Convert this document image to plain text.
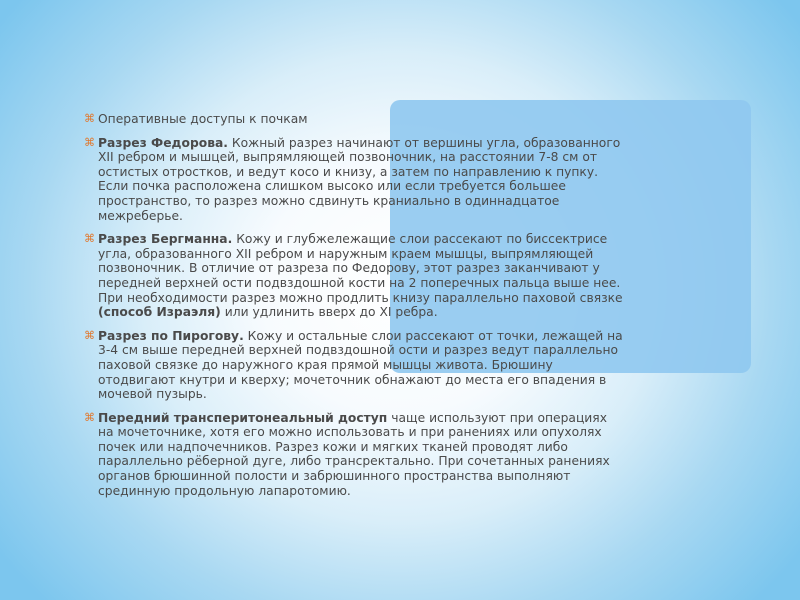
⌘ Оперативные доступы к почкам
⌘ Разрез Федорова. Кожный разрез начинают от вершины угла, образованного XII ребром и мышцей, выпрямляющей позвоночник, на расстоянии 7-8 см от остистых отростков, и ведут косо и книзу, а затем по направлению к пупку. Если почка расположена слишком высоко или если требуется большее пространство, то разрез можно сдвинуть краниально в одиннадцатое межреберье.
⌘ Разрез Бергманна. Кожу и глубжележащие слои рассекают по биссектрисе угла, образованного XII ребром и наружным краем мышцы, выпрямляющей позвоночник. В отличие от разреза по Федорову, этот разрез заканчивают у передней верхней ости подвздошной кости на 2 поперечных пальца выше нее. При необходимости разрез можно продлить книзу параллельно паховой связке (способ Израэля) или удлинить вверх до XI ребра.
⌘ Разрез по Пирогову. Кожу и остальные слои рассекают от точки, лежащей на 3-4 см выше передней верхней подвздошной ости и разрез ведут параллельно паховой связке до наружного края прямой мышцы живота. Брюшину отодвигают кнутри и кверху; мочеточник обнажают до места его впадения в мочевой пузырь.
⌘ Передний трансперитонеальный доступ чаще используют при операциях на мочеточнике, хотя его можно использовать и при ранениях или опухолях почек или надпочечников. Разрез кожи и мягких тканей проводят либо параллельно рёберной дуге, либо трансректально. При сочетанных ранениях органов брюшинной полости и забрюшинного пространства выполняют срединную продольную лапаротомию.
